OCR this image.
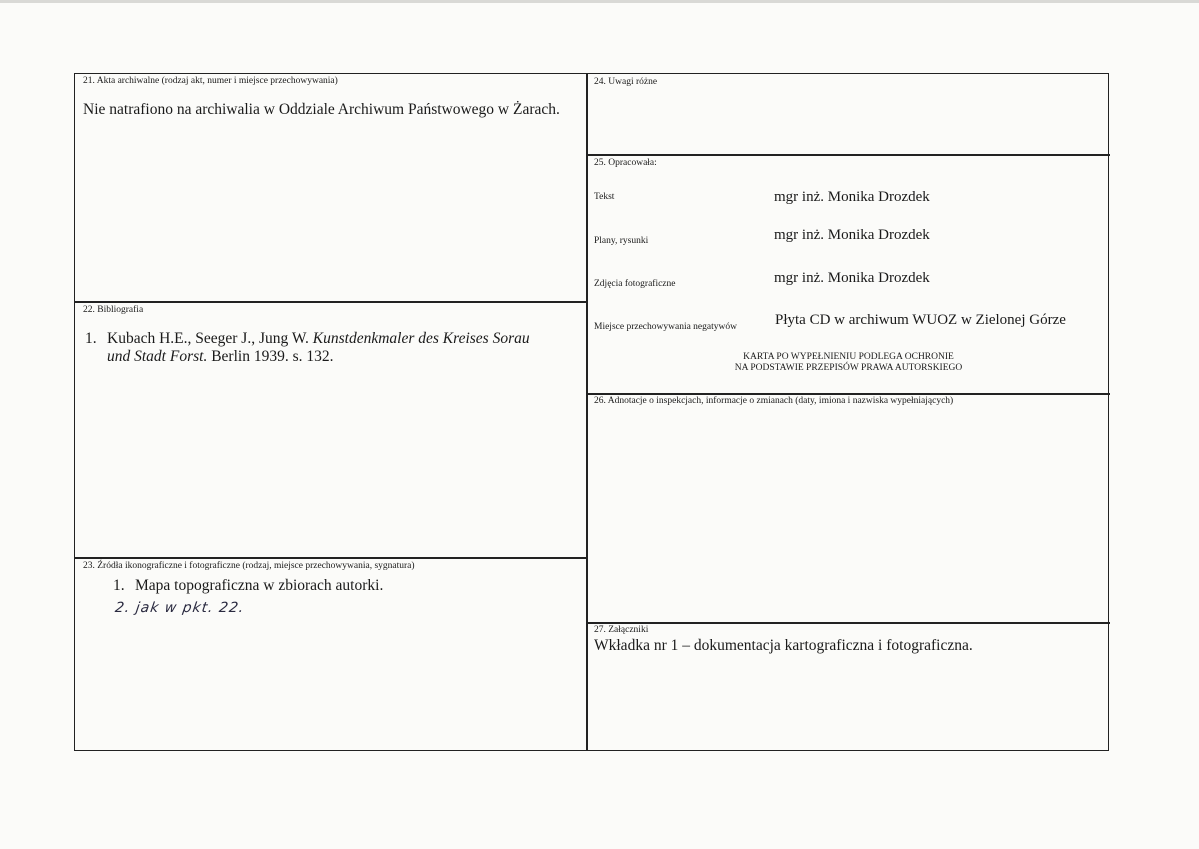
21. Akta archiwalne (rodzaj akt, numer i miejsce przechowywania)
Nie natrafiono na archiwalia w Oddziale Archiwum Państwowego w Żarach.
22. Bibliografia
1. Kubach H.E., Seeger J., Jung W. Kunstdenkmaler des Kreises Sorau
und Stadt Forst. Berlin 1939. s. 132.
23. Źródła ikonograficzne i fotograficzne (rodzaj, miejsce przechowywania, sygnatura)
1. Mapa topograficzna w zbiorach autorki.
2. jak w pkt. 22.
24. Uwagi różne
25. Opracowała:
Tekst	mgr inż. Monika Drozdek
Plany, rysunki	mgr inż. Monika Drozdek
Zdjęcia fotograficzne	mgr inż. Monika Drozdek
Miejsce przechowywania negatywów	Płyta CD w archiwum WUOZ w Zielonej Górze
KARTA PO WYPEŁNIENIU PODLEGA OCHRONIE
NA PODSTAWIE PRZEPISÓW PRAWA AUTORSKIEGO
26. Adnotacje o inspekcjach, informacje o zmianach (daty, imiona i nazwiska wypełniających)
27. Załączniki
Wkładka nr 1 – dokumentacja kartograficzna i fotograficzna.
